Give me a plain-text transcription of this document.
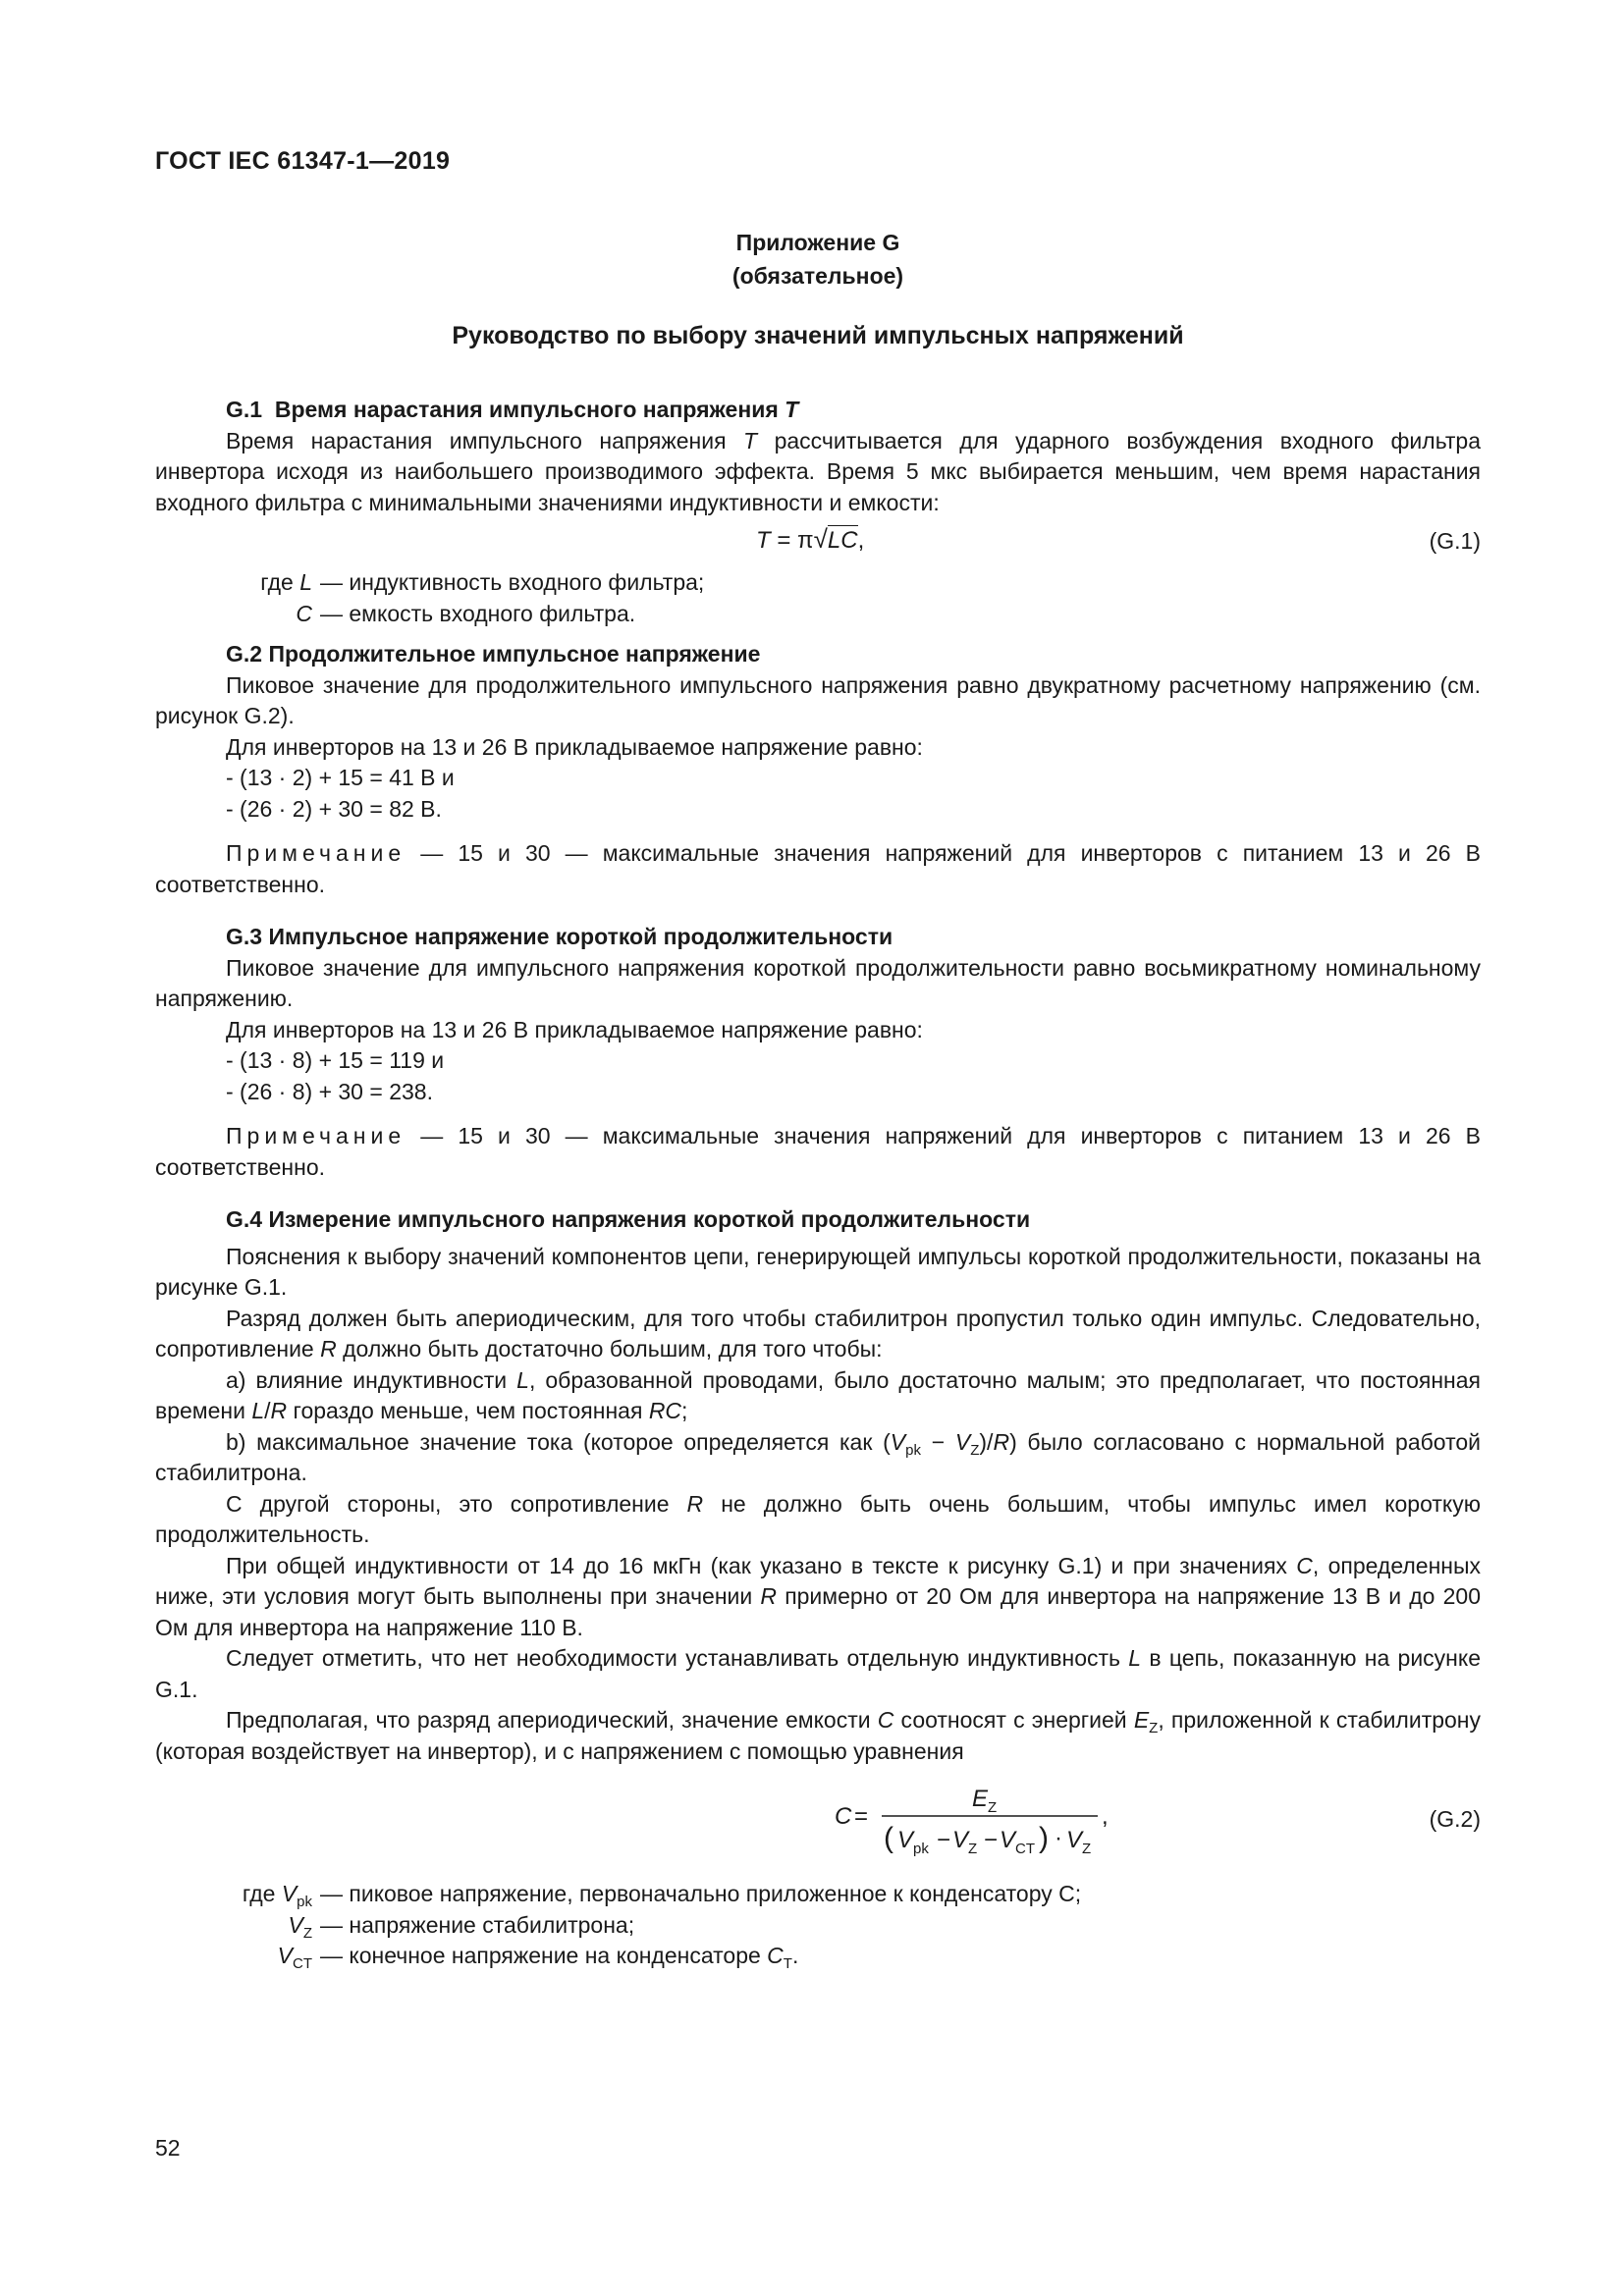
ГОСТ IEC 61347-1—2019
Приложение G
(обязательное)
Руководство по выбору значений импульсных напряжений
G.1 Время нарастания импульсного напряжения T

Время нарастания импульсного напряжения T рассчитывается для ударного возбуждения входного фильтра инвертора исходя из наибольшего производимого эффекта. Время 5 мкс выбирается меньшим, чем время нарастания входного фильтра с минимальными значениями индуктивности и емкости:

T = π√LC,	(G.1)
где L — индуктивность входного фильтра;
C — емкость входного фильтра.
G.2 Продолжительное импульсное напряжение

Пиковое значение для продолжительного импульсного напряжения равно двукратному расчетному напряжению (см. рисунок G.2).

Для инверторов на 13 и 26 В прикладываемое напряжение равно:

- (13 · 2) + 15 = 41 В и

- (26 · 2) + 30 = 82 В.

Примечание — 15 и 30 — максимальные значения напряжений для инверторов с питанием 13 и 26 В соответственно.

G.3 Импульсное напряжение короткой продолжительности

Пиковое значение для импульсного напряжения короткой продолжительности равно восьмикратному номинальному напряжению.

Для инверторов на 13 и 26 В прикладываемое напряжение равно:

- (13 · 8) + 15 = 119 и

- (26 · 8) + 30 = 238.

Примечание — 15 и 30 — максимальные значения напряжений для инверторов с питанием 13 и 26 В соответственно.

G.4 Измерение импульсного напряжения короткой продолжительности

Пояснения к выбору значений компонентов цепи, генерирующей импульсы короткой продолжительности, показаны на рисунке G.1.

Разряд должен быть апериодическим, для того чтобы стабилитрон пропустил только один импульс. Следовательно, сопротивление R должно быть достаточно большим, для того чтобы:

a) влияние индуктивности L, образованной проводами, было достаточно малым; это предполагает, что постоянная времени L/R гораздо меньше, чем постоянная RC;

b) максимальное значение тока (которое определяется как $(V_{pk} - V_Z)/R$) было согласовано с нормальной работой стабилитрона.

С другой стороны, это сопротивление R не должно быть очень большим, чтобы импульс имел короткую продолжительность.

При общей индуктивности от 14 до 16 мкГн (как указано в тексте к рисунку G.1) и при значениях C, определенных ниже, эти условия могут быть выполнены при значении R примерно от 20 Ом для инвертора на напряжение 13 В и до 200 Ом для инвертора на напряжение 110 В.

Следует отметить, что нет необходимости устанавливать отдельную индуктивность L в цепь, показанную на рисунке G.1.

Предполагая, что разряд апериодический, значение емкости C соотносят с энергией $E_Z$, приложенной к стабилитрону (которая воздействует на инвертор), и с напряжением с помощью уравнения

C =
E Z
( V pk − V Z − V CT ) · V Z
,	(G.2)
где $V_{pk}$ — пиковое напряжение, первоначально приложенное к конденсатору С;
$V_Z$ — напряжение стабилитрона;
$V_{CT}$ — конечное напряжение на конденсаторе $C_T$.
52
